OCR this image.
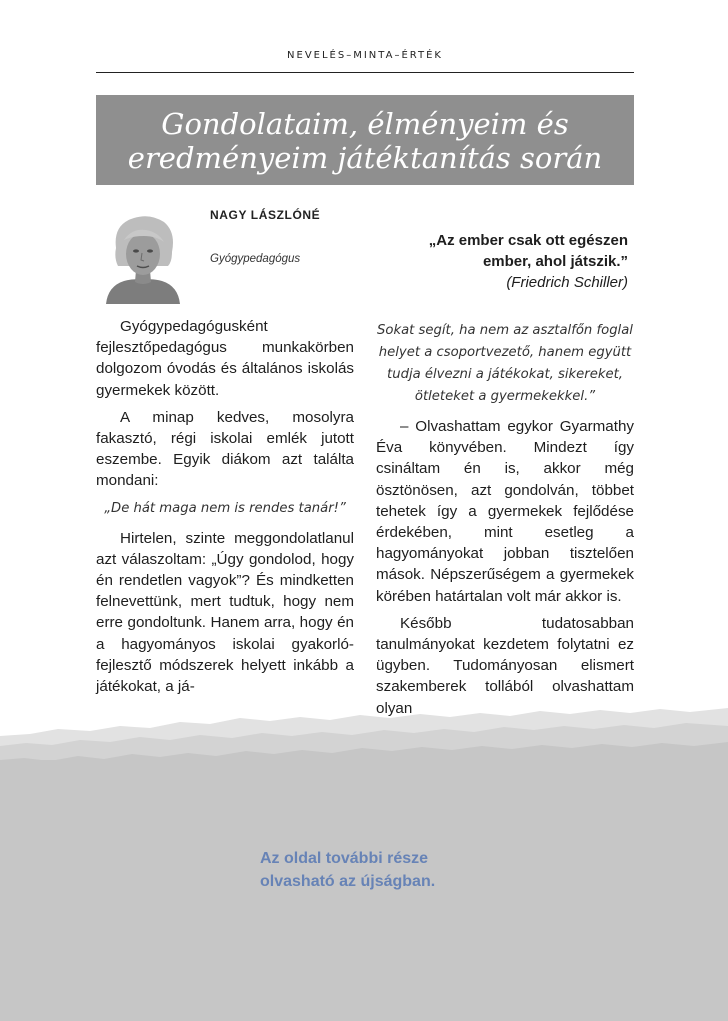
NEVELÉS–MINTA–ÉRTÉK
Gondolataim, élményeim és
eredményeim játéktanítás során
NAGY LÁSZLÓNÉ
Gyógypedagógus
„Az ember csak ott egészen
ember, ahol játszik.”
(Friedrich Schiller)

Gyógypedagógusként fejlesztőpedagógus munkakörben dolgozom óvodás és általános iskolás gyermekek között.

A minap kedves, mosolyra fakasztó, régi iskolai emlék jutott eszembe. Egyik diákom azt találta mondani:

„De hát maga nem is rendes tanár!”

Hirtelen, szinte meggondolatlanul azt válaszoltam: „Úgy gondolod, hogy én rendetlen vagyok”? És mindketten felnevettünk, mert tudtuk, hogy nem erre gondoltunk. Hanem arra, hogy én a hagyományos iskolai gyakorló-fejlesztő módszerek helyett inkább a játékokat, a já-

Sokat segít, ha nem az asztalfőn foglal helyet a csoportvezető, hanem együtt tudja élvezni a játékokat, sikereket, ötleteket a gyermekekkel.”

– Olvashattam egykor Gyarmathy Éva könyvében. Mindezt így csináltam én is, akkor még ösztönösen, azt gondolván, többet tehetek így a gyermekek fejlődése érdekében, mint esetleg a hagyományokat jobban tisztelően mások. Népszerűségem a gyermekek körében határtalan volt már akkor is.

Később tudatosabban tanulmányokat kezdetem folytatni ez ügyben. Tudományosan elismert szakemberek tollából olvashattam olyan

Az oldal további része
olvasható az újságban.
